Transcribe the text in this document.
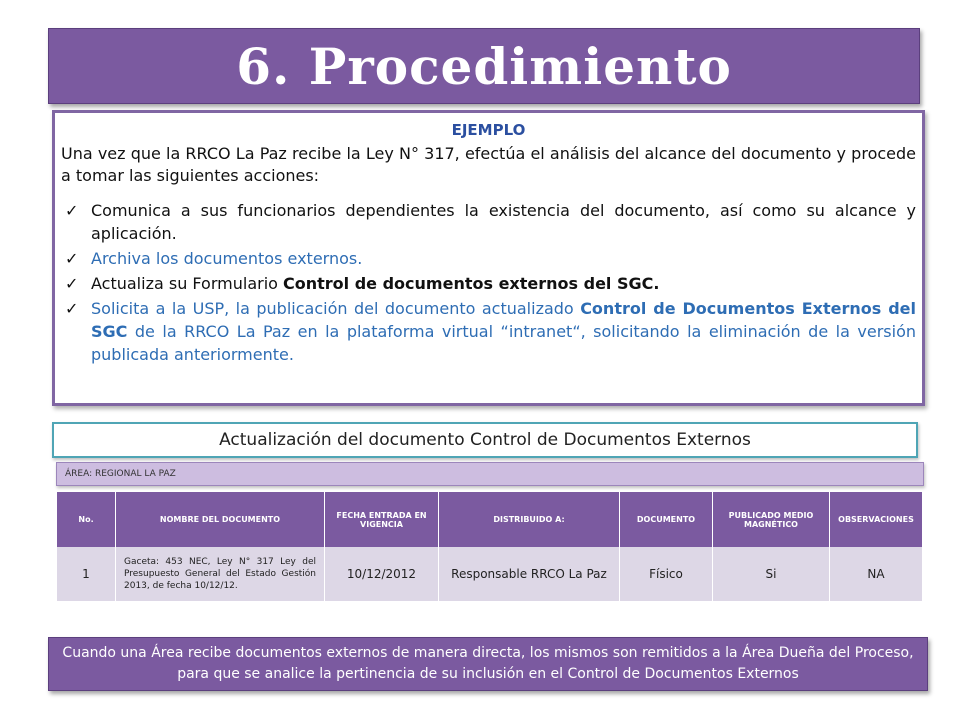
6. Procedimiento
EJEMPLO

Una vez que la RRCO La Paz recibe la Ley N° 317, efectúa el análisis del alcance del documento y procede a tomar las siguientes acciones:

✓ Comunica a sus funcionarios dependientes la existencia del documento, así como su alcance y aplicación.
✓ Archiva los documentos externos.
✓ Actualiza su Formulario Control de documentos externos del SGC.
✓ Solicita a la USP, la publicación del documento actualizado Control de Documentos Externos del SGC de la RRCO La Paz en la plataforma virtual “intranet“, solicitando la eliminación de la versión publicada anteriormente.
Actualización del documento Control de Documentos Externos
ÁREA: REGIONAL LA PAZ
No.	NOMBRE DEL DOCUMENTO	FECHA ENTRADA EN VIGENCIA	DISTRIBUIDO A:	DOCUMENTO	PUBLICADO MEDIO MAGNÉTICO	OBSERVACIONES
1	Gaceta: 453 NEC, Ley N° 317 Ley del Presupuesto General del Estado Gestión 2013, de fecha 10/12/12.	10/12/2012	Responsable RRCO La Paz	Físico	Si	NA
Cuando una Área recibe documentos externos de manera directa, los mismos son remitidos a la Área Dueña del Proceso, para que se analice la pertinencia de su inclusión en el Control de Documentos Externos
